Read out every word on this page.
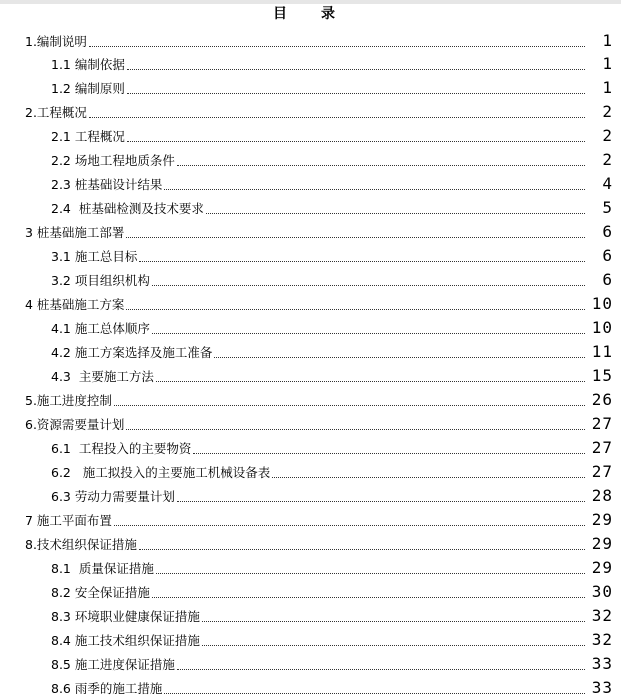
目 录
1.编制说明	1
1.1 编制依据	1
1.2 编制原则	1
2.工程概况	2
2.1 工程概况	2
2.2 场地工程地质条件	2
2.3 桩基础设计结果	4
2.4  桩基础检测及技术要求	5
3 桩基础施工部署	6
3.1 施工总目标	6
3.2 项目组织机构	6
4 桩基础施工方案	10
4.1 施工总体顺序	10
4.2 施工方案选择及施工准备	11
4.3  主要施工方法	15
5.施工进度控制	26
6.资源需要量计划	27
6.1  工程投入的主要物资	27
6.2   施工拟投入的主要施工机械设备表	27
6.3 劳动力需要量计划	28
7 施工平面布置	29
8.技术组织保证措施	29
8.1  质量保证措施	29
8.2 安全保证措施	30
8.3 环境职业健康保证措施	32
8.4 施工技术组织保证措施	32
8.5 施工进度保证措施	33
8.6 雨季的施工措施	33
